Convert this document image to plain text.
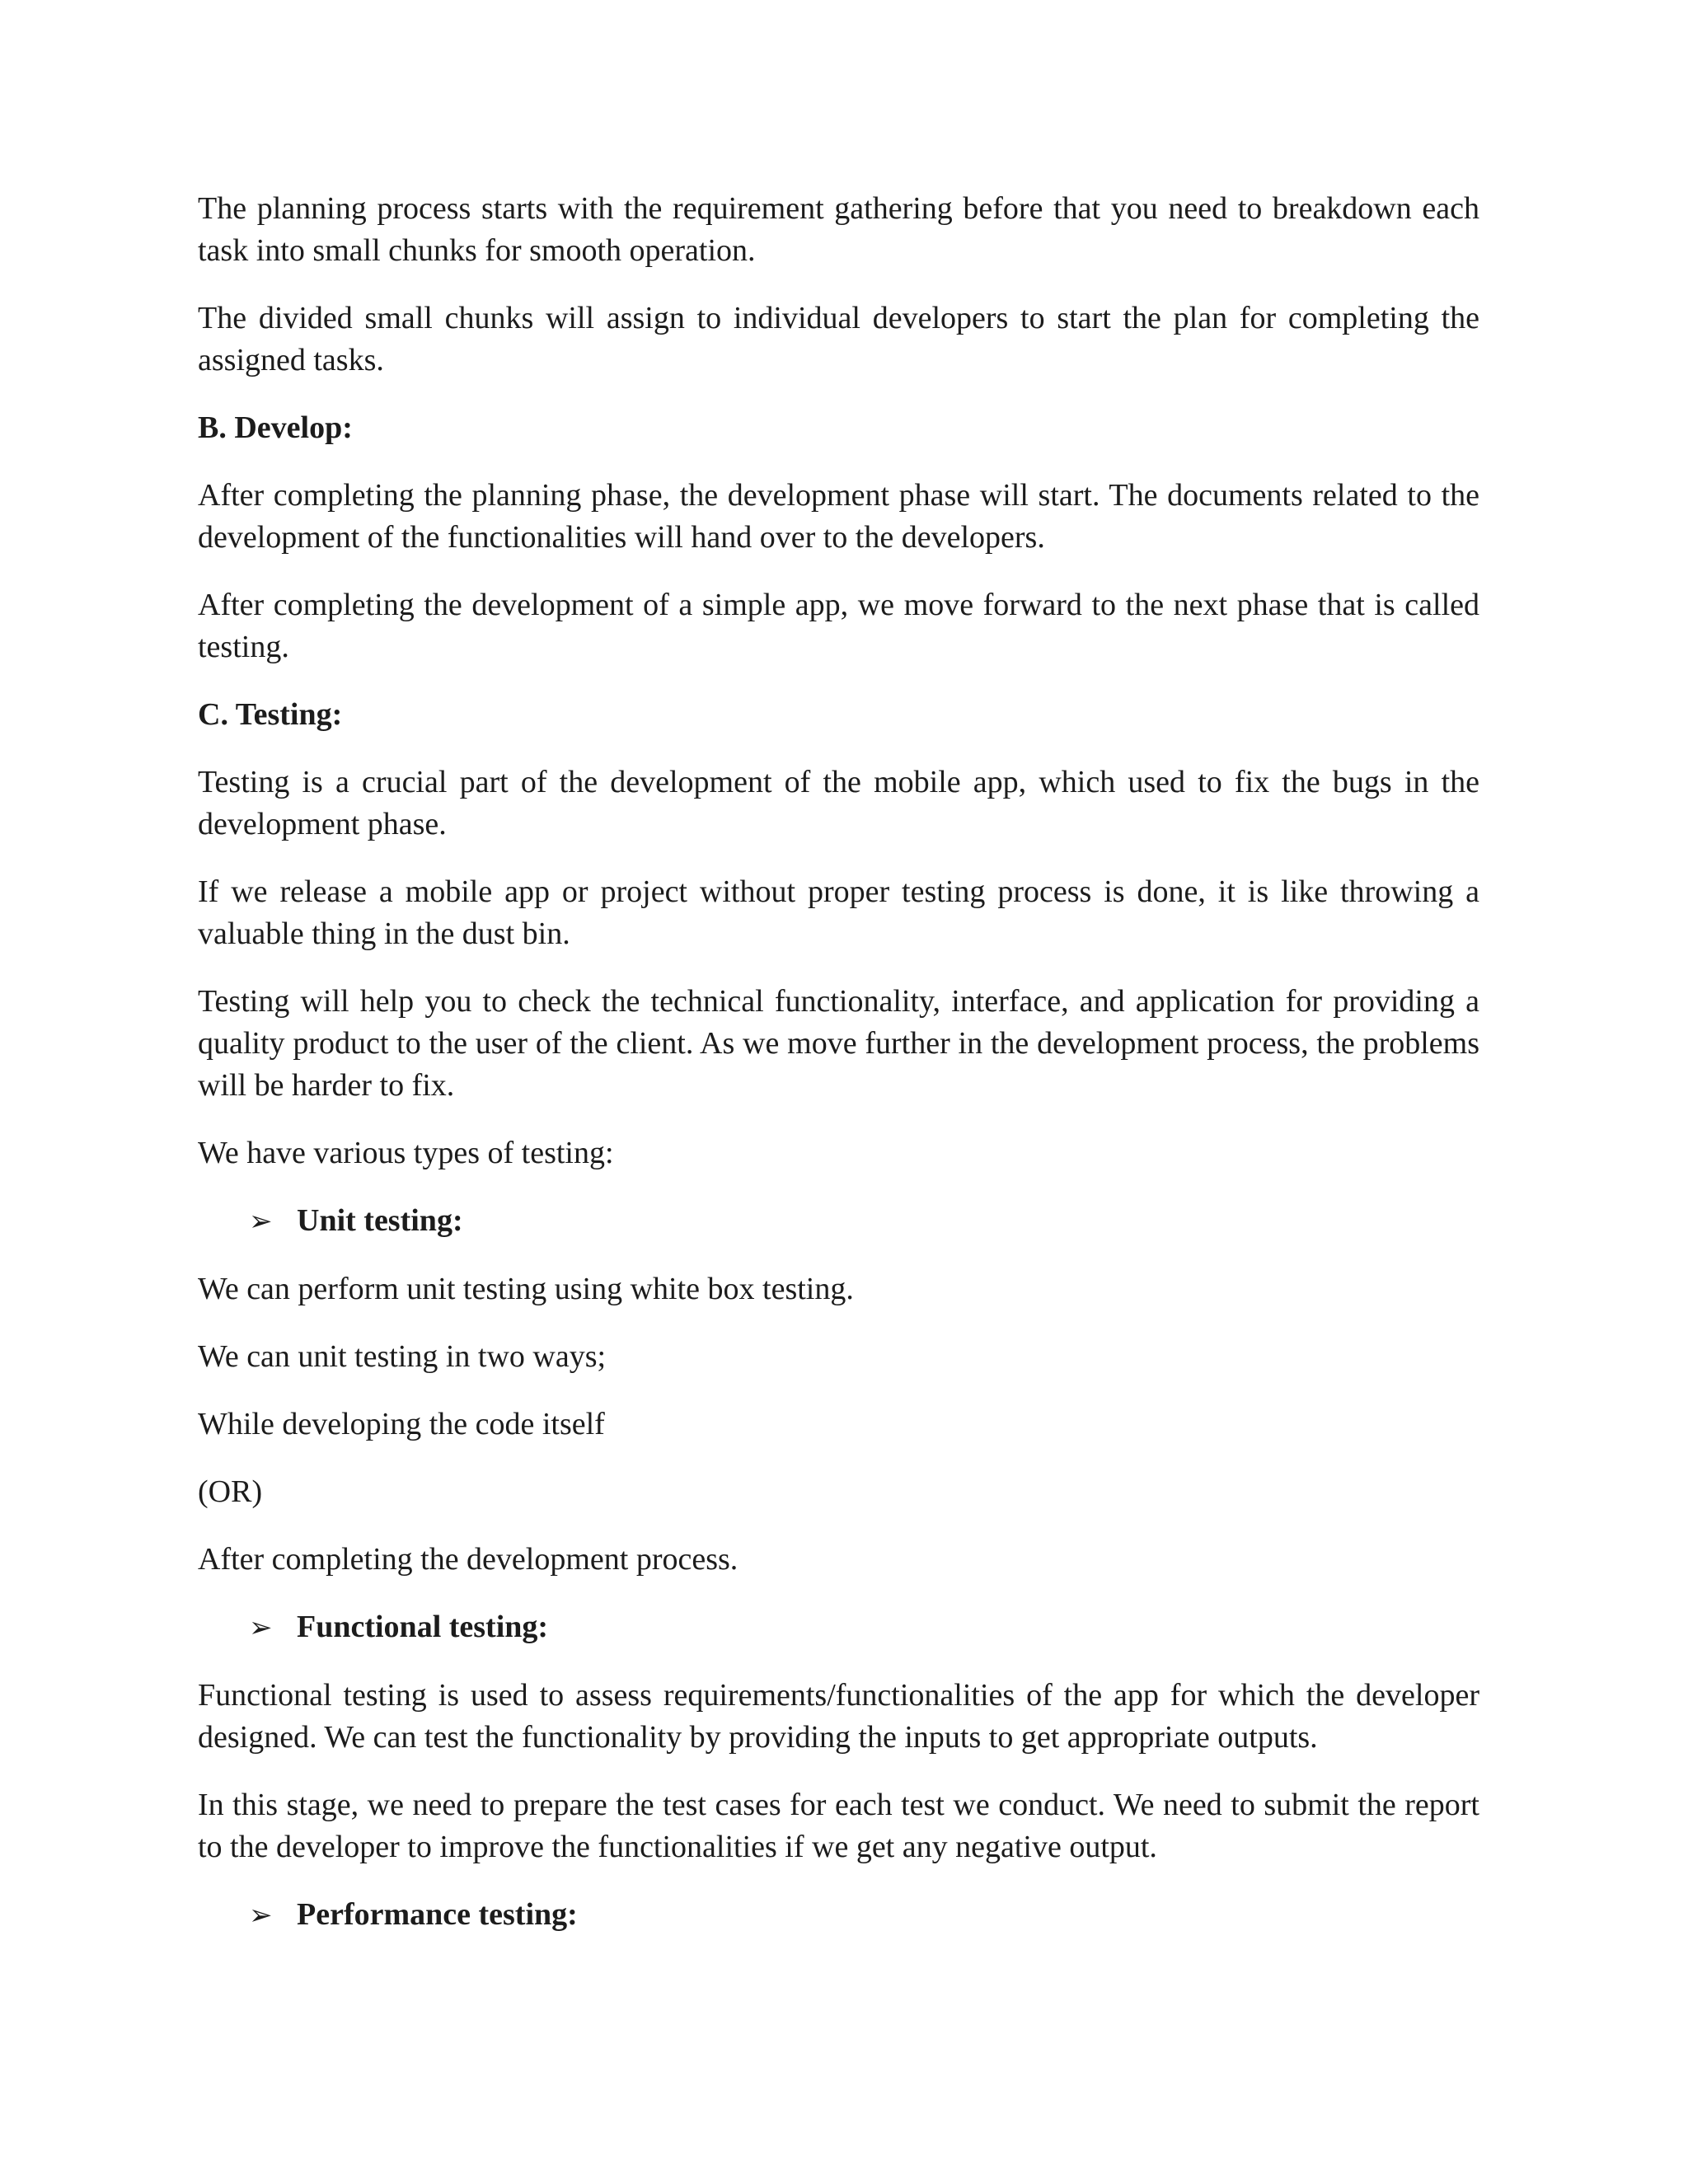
The planning process starts with the requirement gathering before that you need to breakdown each task into small chunks for smooth operation.

The divided small chunks will assign to individual developers to start the plan for completing the assigned tasks.

B. Develop:

After completing the planning phase, the development phase will start. The documents related to the development of the functionalities will hand over to the developers.

After completing the development of a simple app, we move forward to the next phase that is called testing.

C. Testing:

Testing is a crucial part of the development of the mobile app, which used to fix the bugs in the development phase.

If we release a mobile app or project without proper testing process is done, it is like throwing a valuable thing in the dust bin.

Testing will help you to check the technical functionality, interface, and application for providing a quality product to the user of the client. As we move further in the development process, the problems will be harder to fix.

We have various types of testing:

➢ Unit testing:

We can perform unit testing using white box testing.

We can unit testing in two ways;

While developing the code itself

(OR)

After completing the development process.

➢ Functional testing:

Functional testing is used to assess requirements/functionalities of the app for which the developer designed. We can test the functionality by providing the inputs to get appropriate outputs.

In this stage, we need to prepare the test cases for each test we conduct. We need to submit the report to the developer to improve the functionalities if we get any negative output.

➢ Performance testing:
